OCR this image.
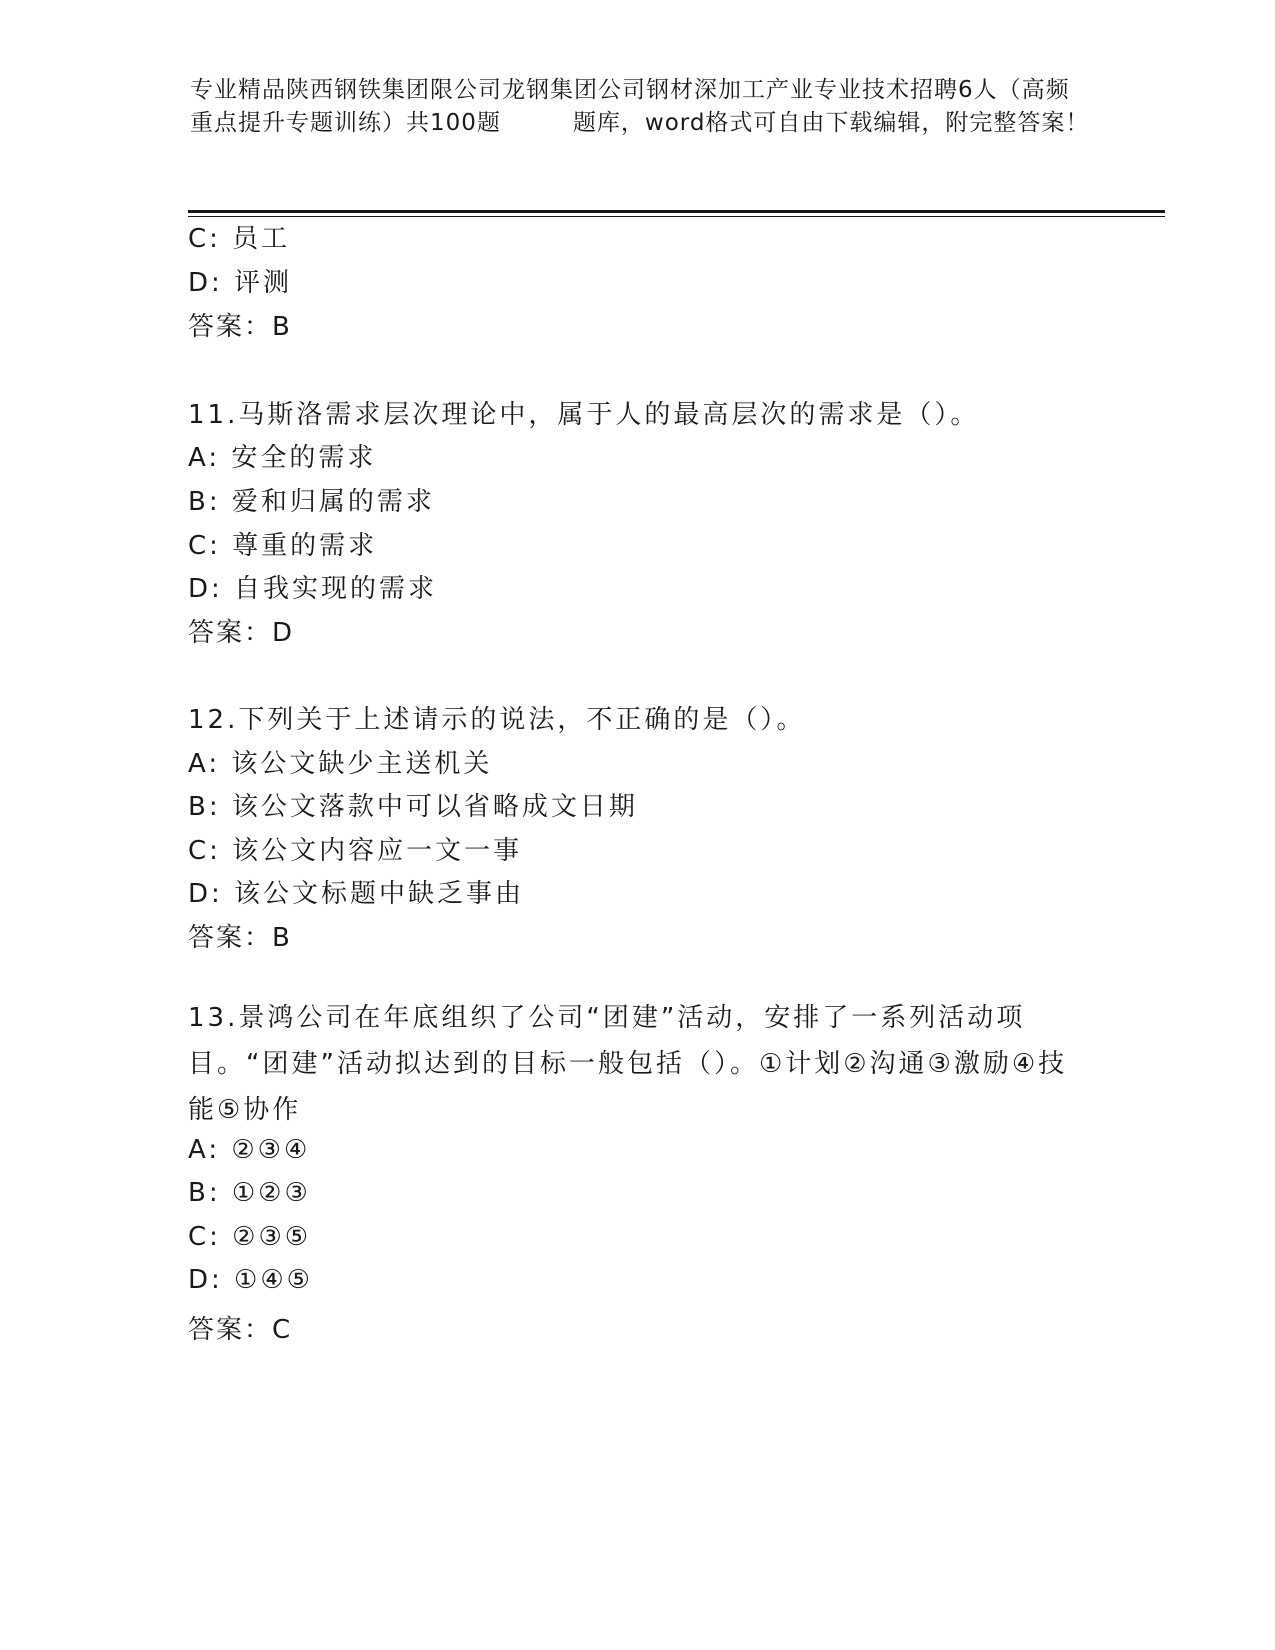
专业精品陕西钢铁集团限公司龙钢集团公司钢材深加工产业专业技术招聘6人（高频重点提升专题训练）共100题　　　题库，word格式可自由下载编辑，附完整答案！
C: 员工
D: 评测
答案：B
11.马斯洛需求层次理论中，属于人的最高层次的需求是（）。
A: 安全的需求
B: 爱和归属的需求
C: 尊重的需求
D: 自我实现的需求
答案：D
12.下列关于上述请示的说法，不正确的是（）。
A: 该公文缺少主送机关
B: 该公文落款中可以省略成文日期
C: 该公文内容应一文一事
D: 该公文标题中缺乏事由
答案：B
13.景鸿公司在年底组织了公司“团建”活动，安排了一系列活动项目。“团建”活动拟达到的目标一般包括（）。①计划②沟通③激励④技能⑤协作
A: ②③④
B: ①②③
C: ②③⑤
D: ①④⑤
答案：C
